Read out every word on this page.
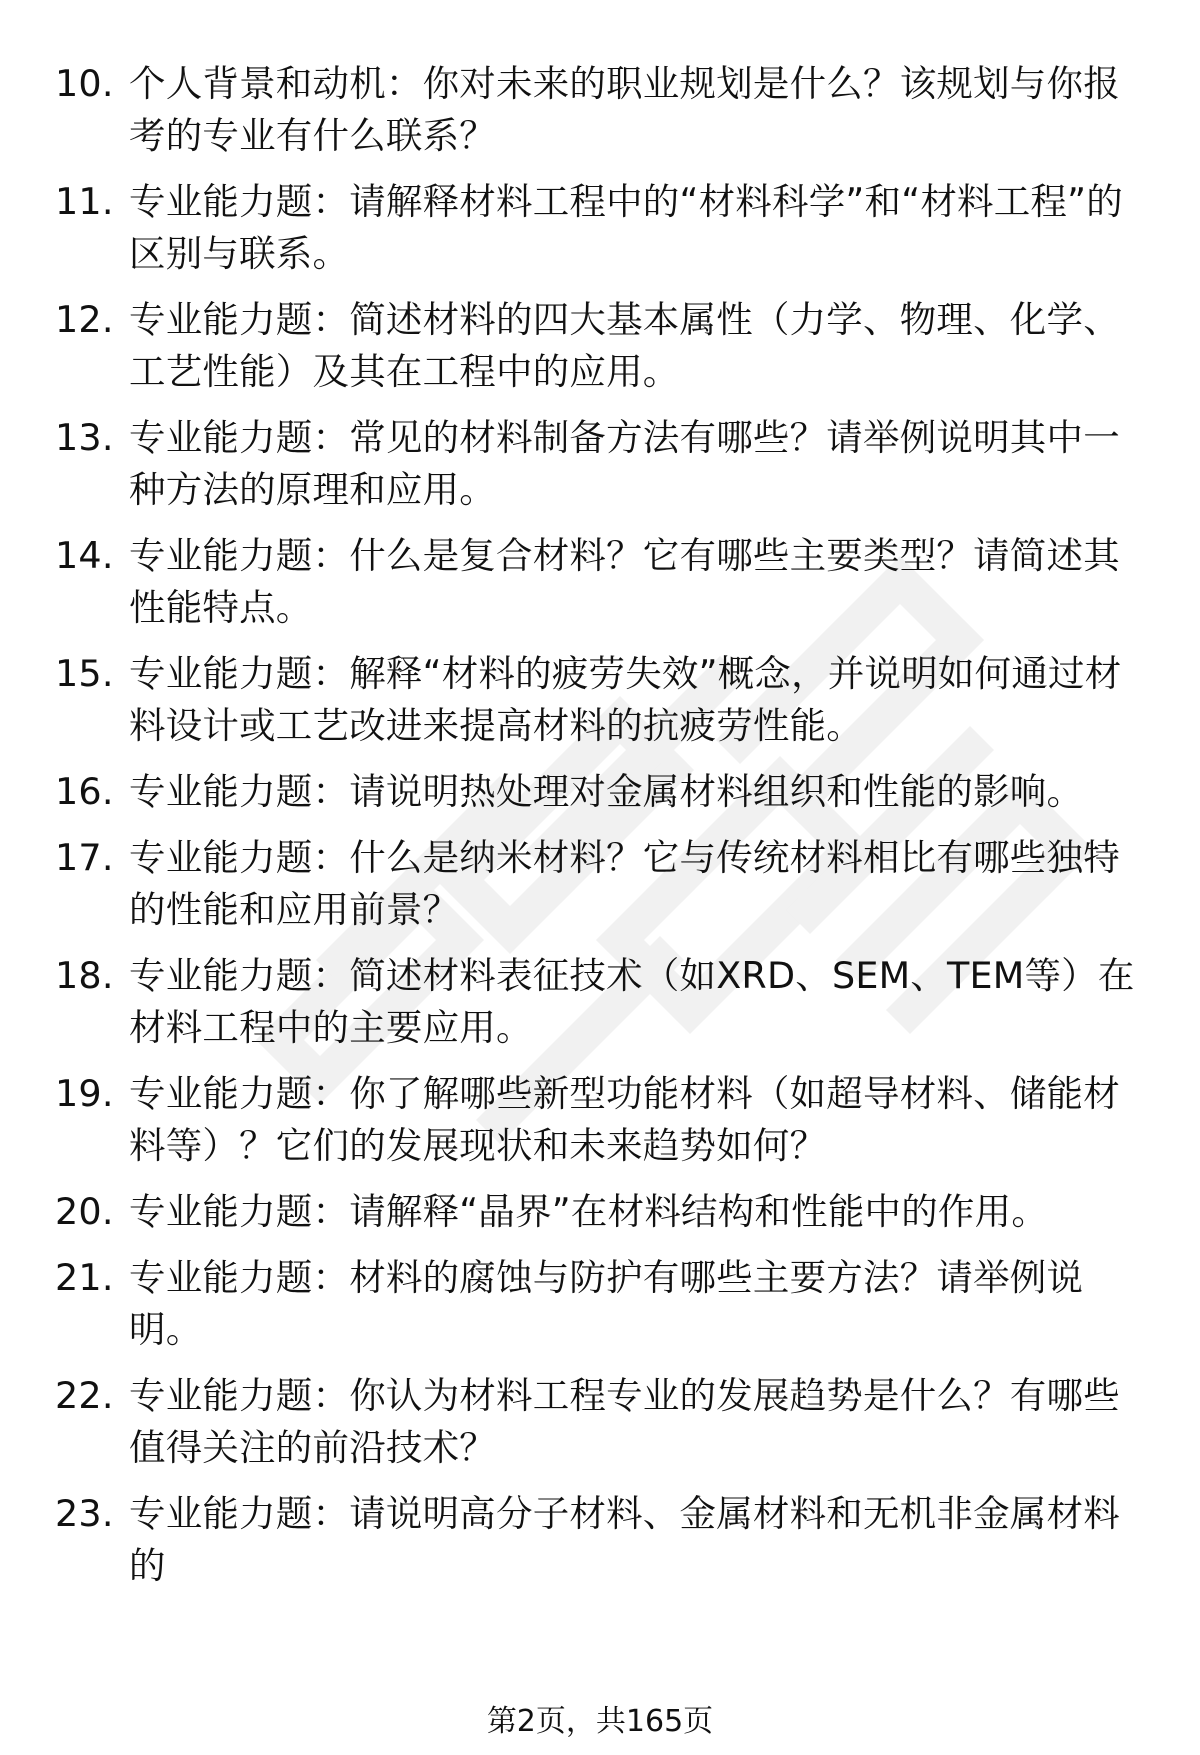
10. 个人背景和动机：你对未来的职业规划是什么？该规划与你报考的专业有什么联系？
11. 专业能力题：请解释材料工程中的“材料科学”和“材料工程”的区别与联系。
12. 专业能力题：简述材料的四大基本属性（力学、物理、化学、工艺性能）及其在工程中的应用。
13. 专业能力题：常见的材料制备方法有哪些？请举例说明其中一种方法的原理和应用。
14. 专业能力题：什么是复合材料？它有哪些主要类型？请简述其性能特点。
15. 专业能力题：解释“材料的疲劳失效”概念，并说明如何通过材料设计或工艺改进来提高材料的抗疲劳性能。
16. 专业能力题：请说明热处理对金属材料组织和性能的影响。
17. 专业能力题：什么是纳米材料？它与传统材料相比有哪些独特的性能和应用前景？
18. 专业能力题：简述材料表征技术（如XRD、SEM、TEM等）在材料工程中的主要应用。
19. 专业能力题：你了解哪些新型功能材料（如超导材料、储能材料等）？它们的发展现状和未来趋势如何？
20. 专业能力题：请解释“晶界”在材料结构和性能中的作用。
21. 专业能力题：材料的腐蚀与防护有哪些主要方法？请举例说明。
22. 专业能力题：你认为材料工程专业的发展趋势是什么？有哪些值得关注的前沿技术？
23. 专业能力题：请说明高分子材料、金属材料和无机非金属材料的
第2页，共165页
